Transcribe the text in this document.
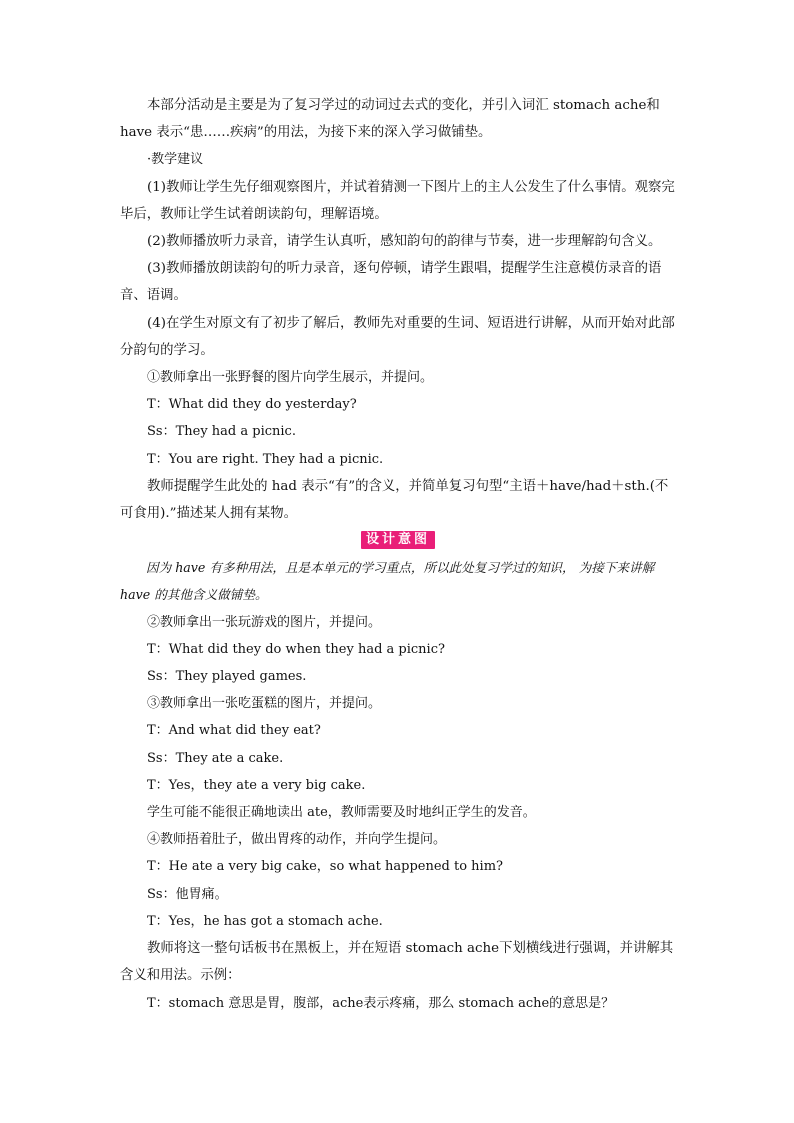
本部分活动是主要是为了复习学过的动词过去式的变化，并引入词汇 stomach ache和 have 表示“患……疾病”的用法，为接下来的深入学习做铺垫。

·教学建议

(1)教师让学生先仔细观察图片，并试着猜测一下图片上的主人公发生了什么事情。观察完毕后，教师让学生试着朗读韵句，理解语境。

(2)教师播放听力录音，请学生认真听，感知韵句的韵律与节奏，进一步理解韵句含义。

(3)教师播放朗读韵句的听力录音，逐句停顿，请学生跟唱，提醒学生注意模仿录音的语音、语调。

(4)在学生对原文有了初步了解后，教师先对重要的生词、短语进行讲解，从而开始对此部分韵句的学习。

①教师拿出一张野餐的图片向学生展示，并提问。

T：What did they do yesterday?

Ss：They had a picnic.

T：You are right. They had a picnic.

教师提醒学生此处的 had 表示“有”的含义，并简单复习句型“主语＋have/had＋sth.(不可食用).”描述某人拥有某物。

设计意图

因为 have 有多种用法，且是本单元的学习重点，所以此处复习学过的知识， 为接下来讲解 have 的其他含义做铺垫。

②教师拿出一张玩游戏的图片，并提问。

T：What did they do when they had a picnic?

Ss：They played games.

③教师拿出一张吃蛋糕的图片，并提问。

T：And what did they eat?

Ss：They ate a cake.

T：Yes，they ate a very big cake.

学生可能不能很正确地读出 ate，教师需要及时地纠正学生的发音。

④教师捂着肚子，做出胃疼的动作，并向学生提问。

T：He ate a very big cake，so what happened to him?

Ss：他胃痛。

T：Yes，he has got a stomach ache.

教师将这一整句话板书在黑板上，并在短语 stomach ache下划横线进行强调，并讲解其含义和用法。示例：

T：stomach 意思是胃，腹部，ache表示疼痛，那么 stomach ache的意思是？
